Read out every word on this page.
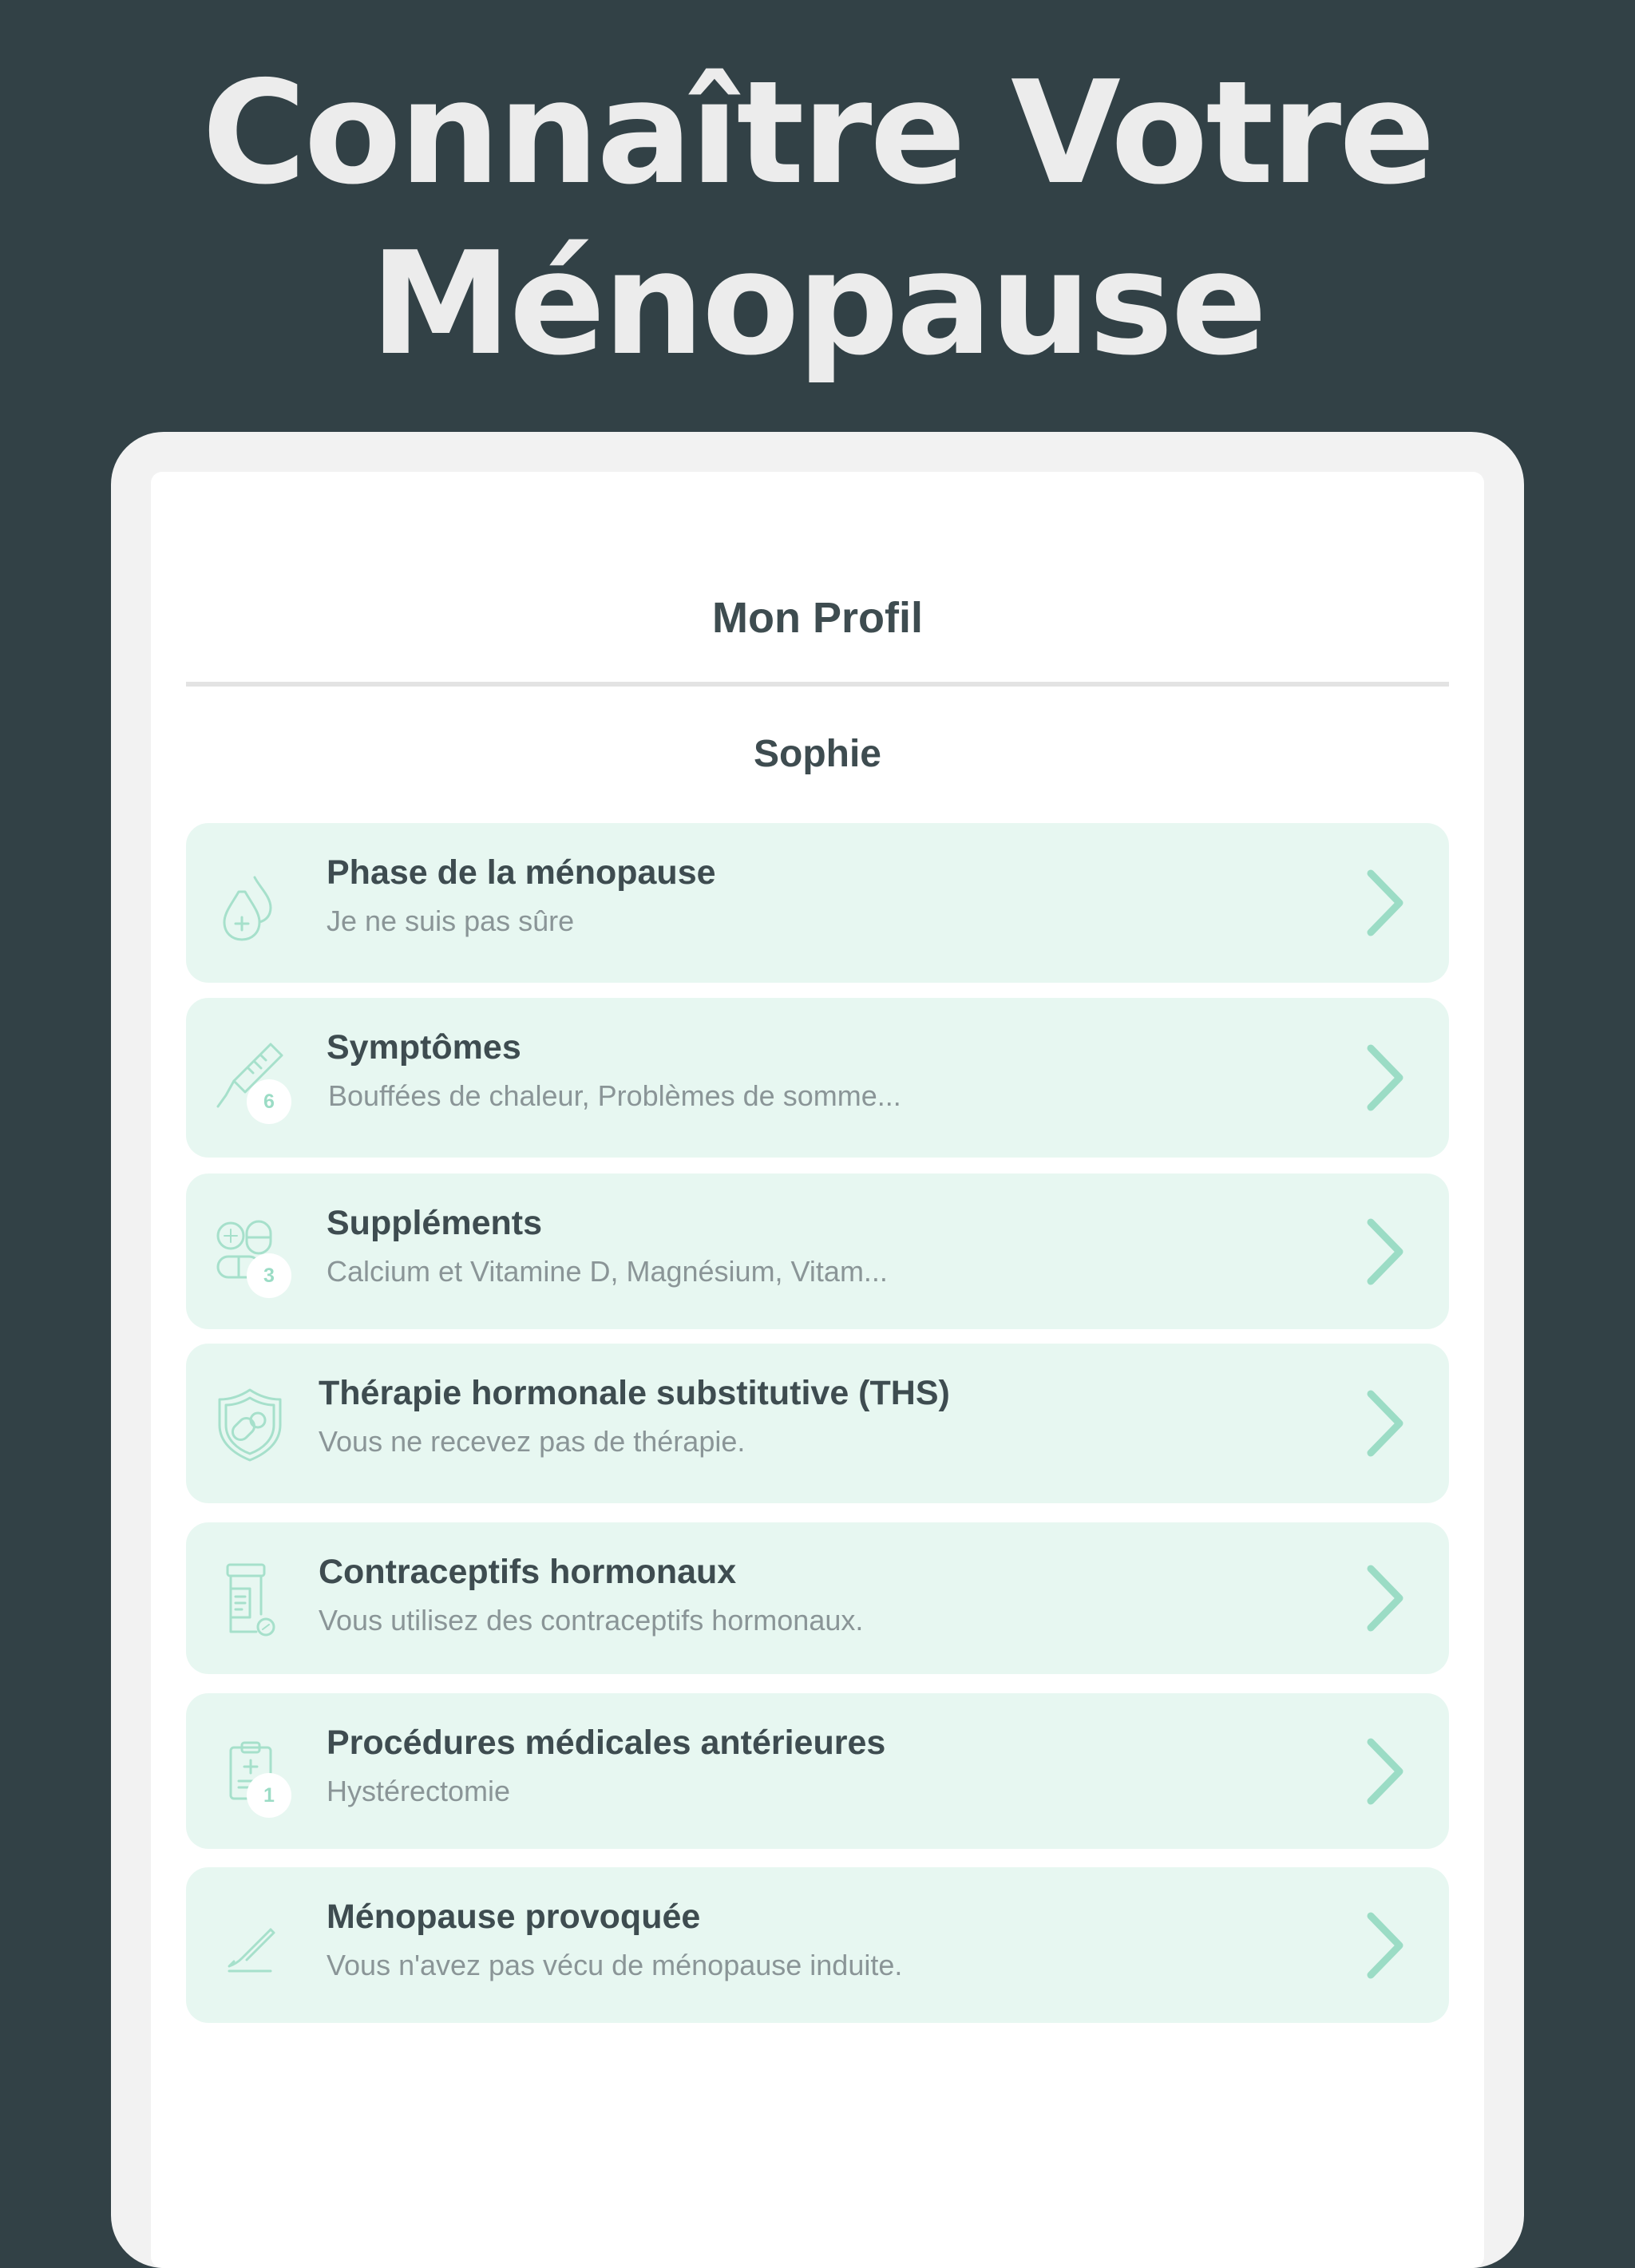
Connaître Votre
Ménopause
Mon Profil
Sophie
Phase de la ménopause
Je ne suis pas sûre
6
Symptômes
Bouffées de chaleur, Problèmes de somme...
3
Suppléments
Calcium et Vitamine D, Magnésium, Vitam...
Thérapie hormonale substitutive (THS)
Vous ne recevez pas de thérapie.
Contraceptifs hormonaux
Vous utilisez des contraceptifs hormonaux.
1
Procédures médicales antérieures
Hystérectomie
Ménopause provoquée
Vous n'avez pas vécu de ménopause induite.
